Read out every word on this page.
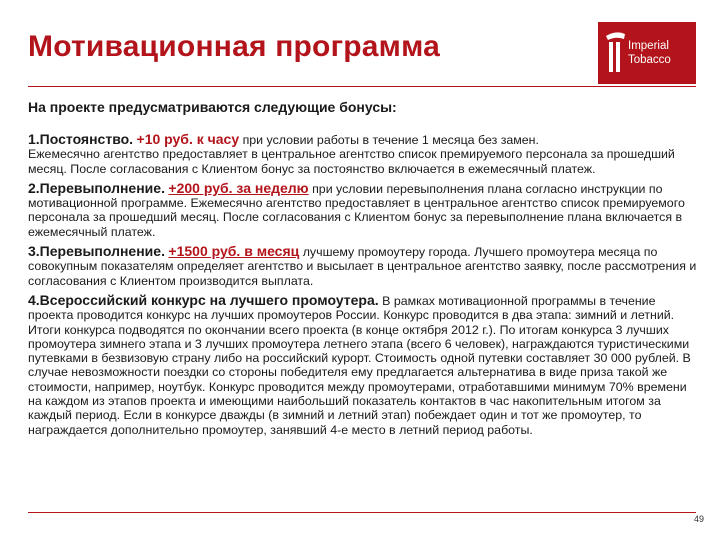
Мотивационная программа	Imperial
Tobacco
На проекте предусматриваются следующие бонусы:
1.Постоянство. +10 руб. к часу при условии работы в течение 1 месяца без замен.
Ежемесячно агентство предоставляет в центральное агентство список премируемого персонала за прошедший месяц. После согласования с Клиентом бонус за постоянство включается в ежемесячный платеж.
2.Перевыполнение. +200 руб. за неделю при условии перевыполнения плана согласно инструкции по мотивационной программе. Ежемесячно агентство предоставляет в центральное агентство список премируемого персонала за прошедший месяц. После согласования с Клиентом бонус за перевыполнение плана включается в ежемесячный платеж.
3.Перевыполнение. +1500 руб. в месяц лучшему промоутеру города. Лучшего промоутера месяца по совокупным показателям определяет агентство и высылает в центральное агентство заявку, после рассмотрения и согласования с Клиентом производится выплата.
4.Всероссийский конкурс на лучшего промоутера. В рамках мотивационной программы в течение проекта проводится конкурс на лучших промоутеров России. Конкурс проводится в два этапа: зимний и летний. Итоги конкурса подводятся по окончании всего проекта (в конце октября 2012 г.). По итогам конкурса 3 лучших промоутера зимнего этапа и 3 лучших промоутера летнего этапа (всего 6 человек), награждаются туристическими путевками в безвизовую страну либо на российский курорт. Стоимость одной путевки составляет 30 000 рублей. В случае невозможности поездки со стороны победителя ему предлагается альтернатива в виде приза такой же стоимости, например, ноутбук. Конкурс проводится между промоутерами, отработавшими минимум 70% времени на каждом из этапов проекта и имеющими наибольший показатель контактов в час накопительным итогом за каждый период. Если в конкурсе дважды (в зимний и летний этап) побеждает один и тот же промоутер, то награждается дополнительно промоутер, занявший 4-е место в летний период работы.
49
